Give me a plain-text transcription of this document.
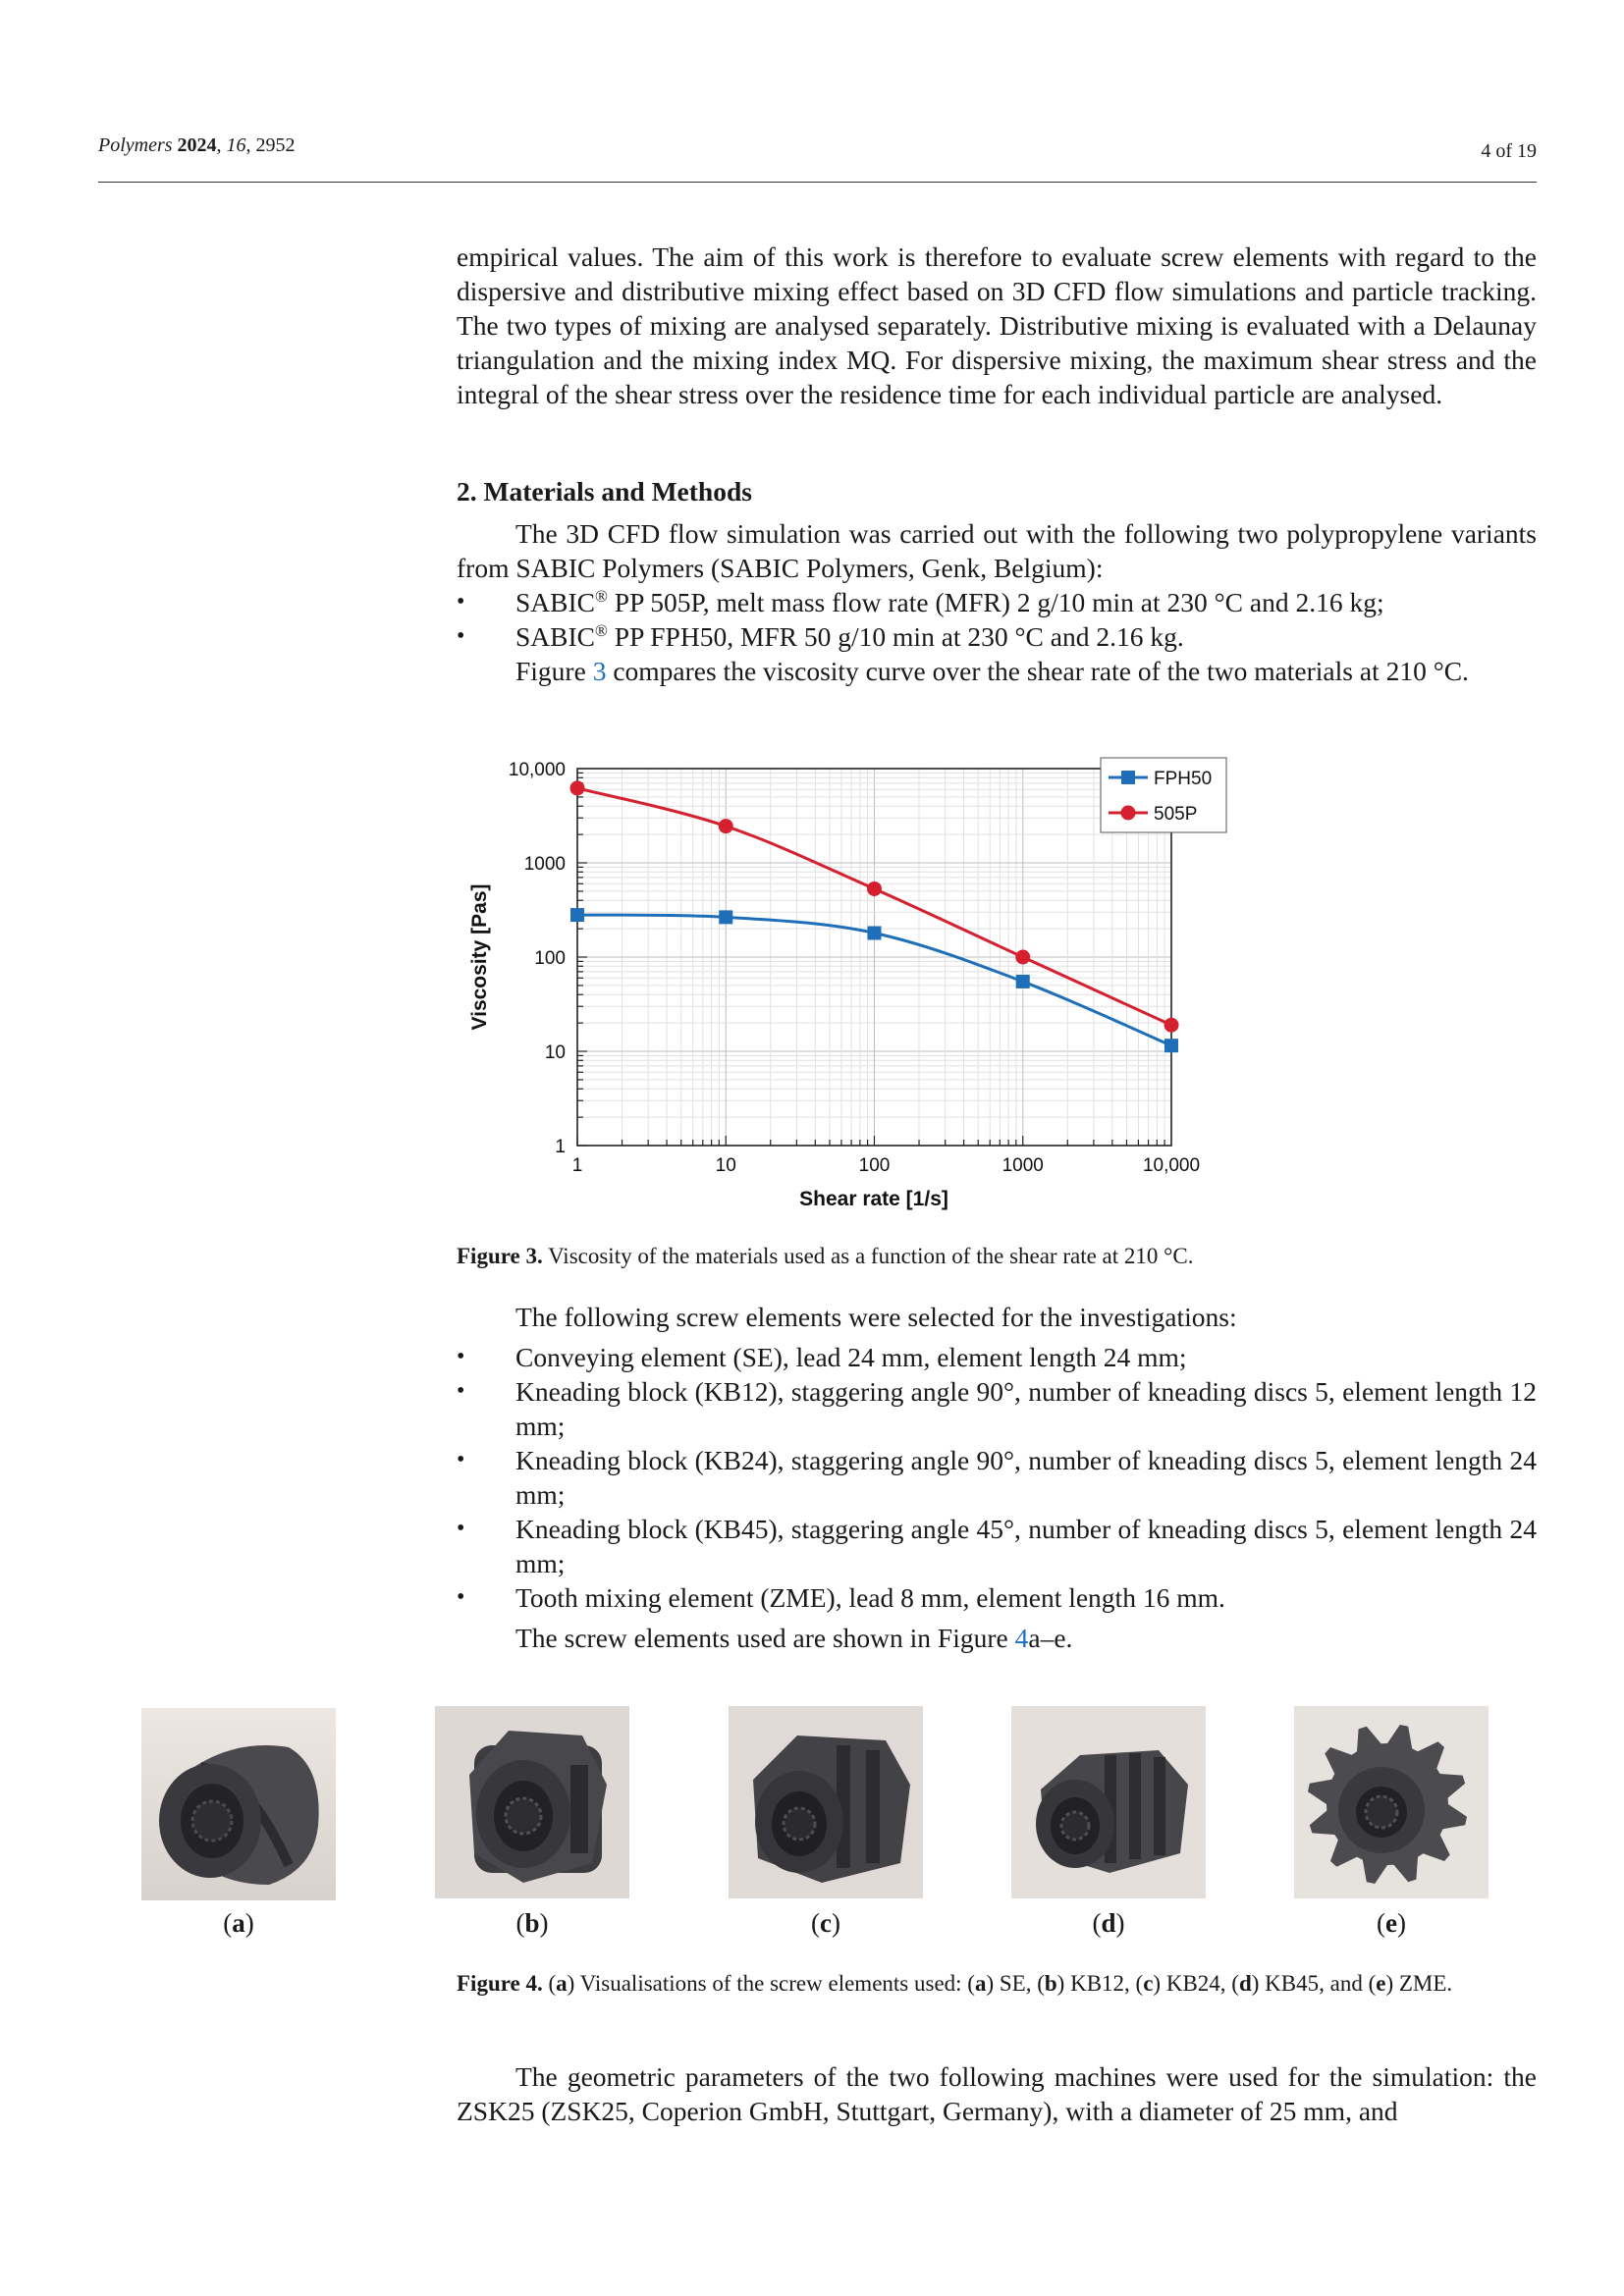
Polymers 2024, 16, 2952	4 of 19

empirical values. The aim of this work is therefore to evaluate screw elements with regard to the dispersive and distributive mixing effect based on 3D CFD flow simulations and particle tracking. The two types of mixing are analysed separately. Distributive mixing is evaluated with a Delaunay triangulation and the mixing index MQ. For dispersive mixing, the maximum shear stress and the integral of the shear stress over the residence time for each individual particle are analysed.

2. Materials and Methods

The 3D CFD flow simulation was carried out with the following two polypropylene variants from SABIC Polymers (SABIC Polymers, Genk, Belgium):

• SABIC® PP 505P, melt mass flow rate (MFR) 2 g/10 min at 230 °C and 2.16 kg;
• SABIC® PP FPH50, MFR 50 g/10 min at 230 °C and 2.16 kg.

Figure 3 compares the viscosity curve over the shear rate of the two materials at 210 °C.

1	10	100	1000	10,000
1
10
100
1000
10,000
Shear rate [1/s]
Viscosity [Pas]
FPH50
505P
Figure 3. Viscosity of the materials used as a function of the shear rate at 210 °C.

The following screw elements were selected for the investigations:

• Conveying element (SE), lead 24 mm, element length 24 mm;
• Kneading block (KB12), staggering angle 90°, number of kneading discs 5, element length 12 mm;
• Kneading block (KB24), staggering angle 90°, number of kneading discs 5, element length 24 mm;
• Kneading block (KB45), staggering angle 45°, number of kneading discs 5, element length 24 mm;
• Tooth mixing element (ZME), lead 8 mm, element length 16 mm.

The screw elements used are shown in Figure 4a–e.

(a)	(b)	(c)	(d)	(e)
Figure 4. (a) Visualisations of the screw elements used: (a) SE, (b) KB12, (c) KB24, (d) KB45, and (e) ZME.

The geometric parameters of the two following machines were used for the simulation: the ZSK25 (ZSK25, Coperion GmbH, Stuttgart, Germany), with a diameter of 25 mm, and
